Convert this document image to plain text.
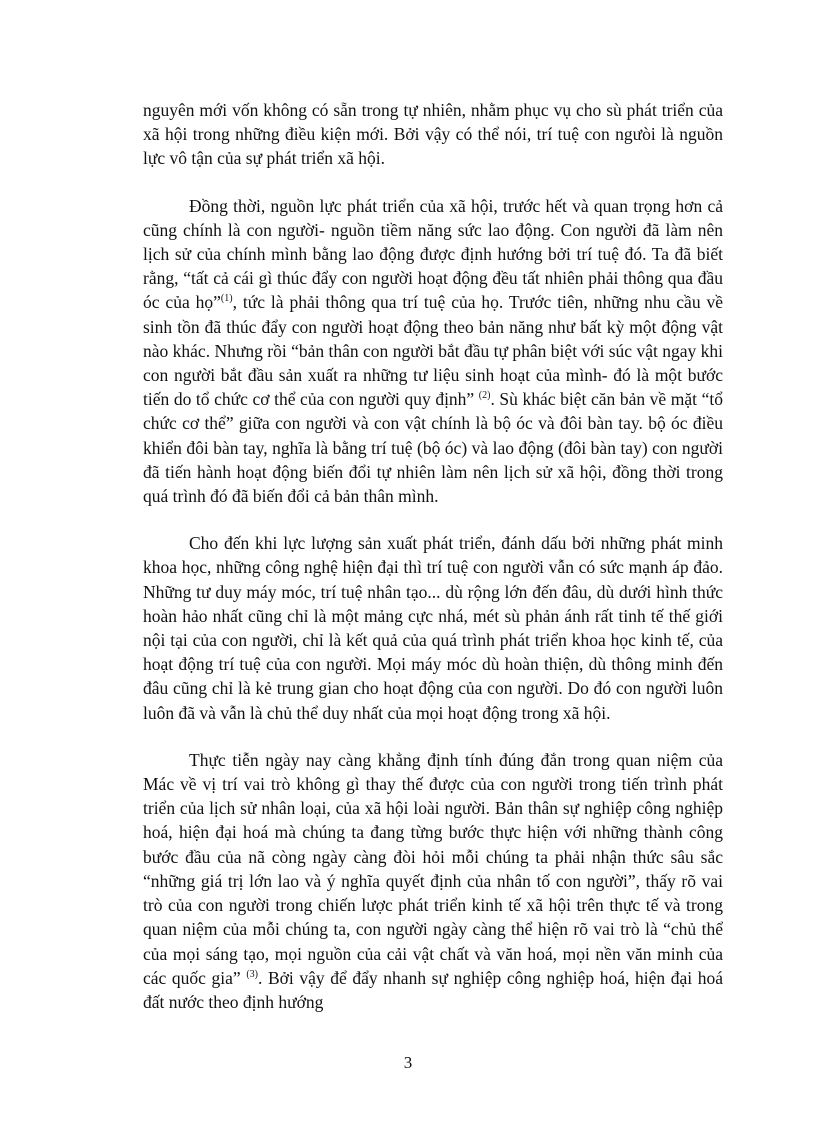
nguyên mới vốn không có sẵn trong tự nhiên, nhằm phục vụ cho sù phát triển của xã hội trong những điều kiện mới. Bởi vậy có thể nói, trí tuệ con ngưòi là nguồn lực vô tận của sự phát triển xã hội.

Đồng thời, nguồn lực phát triển của xã hội, trước hết và quan trọng hơn cả cũng chính là con người- nguồn tiềm năng sức lao động. Con người đã làm nên lịch sử của chính mình bằng lao động được định hướng bởi trí tuệ đó. Ta đã biết rằng, “tất cả cái gì thúc đẩy con người hoạt động đều tất nhiên phải thông qua đầu óc của họ”$^{(1)}$, tức là phải thông qua trí tuệ của họ. Trước tiên, những nhu cầu về sinh tồn đã thúc đẩy con người hoạt động theo bản năng như bất kỳ một động vật nào khác. Nhưng rồi “bản thân con người bắt đầu tự phân biệt với súc vật ngay khi con người bắt đầu sản xuất ra những tư liệu sinh hoạt của mình- đó là một bước tiến do tổ chức cơ thể của con người quy định” $^{(2)}$. Sù khác biệt căn bản về mặt “tổ chức cơ thể” giữa con người và con vật chính là bộ óc và đôi bàn tay. bộ óc điều khiển đôi bàn tay, nghĩa là bằng trí tuệ (bộ óc) và lao động (đôi bàn tay) con người đã tiến hành hoạt động biến đổi tự nhiên làm nên lịch sử xã hội, đồng thời trong quá trình đó đã biến đổi cả bản thân mình.

Cho đến khi lực lượng sản xuất phát triển, đánh dấu bởi những phát minh khoa học, những công nghệ hiện đại thì trí tuệ con người vẫn có sức mạnh áp đảo. Những tư duy máy móc, trí tuệ nhân tạo... dù rộng lớn đến đâu, dù dưới hình thức hoàn hảo nhất cũng chỉ là một mảng cực nhá, mét sù phản ánh rất tinh tế thế giới nội tại của con người, chỉ là kết quả của quá trình phát triển khoa học kinh tế, của hoạt động trí tuệ của con người. Mọi máy móc dù hoàn thiện, dù thông minh đến đâu cũng chỉ là kẻ trung gian cho hoạt động của con người. Do đó con người luôn luôn đã và vẫn là chủ thể duy nhất của mọi hoạt động trong xã hội.

Thực tiễn ngày nay càng khẳng định tính đúng đắn trong quan niệm của Mác về vị trí vai trò không gì thay thế được của con người trong tiến trình phát triển của lịch sử nhân loại, của xã hội loài người. Bản thân sự nghiệp công nghiệp hoá, hiện đại hoá mà chúng ta đang từng bước thực hiện với những thành công bước đầu của nã còng ngày càng đòi hỏi mỗi chúng ta phải nhận thức sâu sắc “những giá trị lớn lao và ý nghĩa quyết định của nhân tố con người”, thấy rõ vai trò của con người trong chiến lược phát triển kinh tế xã hội trên thực tế và trong quan niệm của mỗi chúng ta, con người ngày càng thể hiện rõ vai trò là “chủ thể của mọi sáng tạo, mọi nguồn của cải vật chất và văn hoá, mọi nền văn minh của các quốc gia” $^{(3)}$. Bởi vậy để đẩy nhanh sự nghiệp công nghiệp hoá, hiện đại hoá đất nước theo định hướng

3
